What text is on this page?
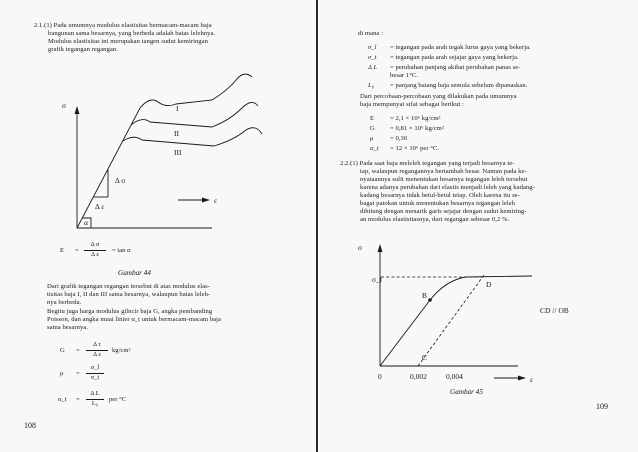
2.1.(1) Pada umumnya modulus elastisitas bermacam-macam baja
bangunan sama besarnya, yang berbeda adalah batas lelehnya.
Modulus elastisitas ini merupakan tangen sudut kemiringan
grafik tegangan regangan.
σ
ε
I
II
III
Δ σ
Δ ε
α
E =
Δ σ
Δ ε
= tan α
Gambar 44
Dari grafik tegangan regangan tersebut di atas modulus elas-
tisitas baja I, II dan III sama besarnya, walaupun batas leleh-
nya berbeda.
Begitu juga harga modulus gilncir baja G, angka pembanding
Poisson, dan angka muai linier α_t untuk bermacam-macam baja
sama besarnya.
G =
Δ τ
Δ ε
kg/cm²
μ =
σ_l
σ_t
α_t =
Δ L
L₀
per °C
108
di mana :
σ_l = tegangan pada arah tegak lurus gaya yang bekerja.
σ_t = tegangan pada arah sejajar gaya yang bekerja.
Δ L = perubahan panjang akibat perubahan panas se-
besar 1°C.
L₀ = panjang batang baja semula sebelum dipanaskan.
Dari percobaan-percobaan yang dilakukan pada umumnya
baja mempunyai sifat sebagai berikut :
E = 2,1 × 10⁶ kg/cm²
G = 0,81 × 10⁶ kg/cm²
μ	= 0,30
α_t = 12 × 10⁶ per °C.
2.2.(1) Pada saat baja meleleh tegangan yang terjadi besarnya te-
tap, walaupun regangannya bertambah besar. Namun pada ke-
nyataannya sulit menentukan besarnya tegangan leleh tersebut
karena adanya perubahan dari elastis menjadi leleh yang kadang-
kadang besarnya tidak betul-betul tetap. Oleh karena itu se-
bagai patokan untuk menentukan besarnya tegangan leleh
dihitung dengan menarik garis sejajar dengan sudut kemiring-
an modulus elastisitasnya, dari regangan sebesar 0,2 %.
σ
σ_f
ε
B
C
D
CD // OB
0	0,002	0,004
Gambar 45
109
